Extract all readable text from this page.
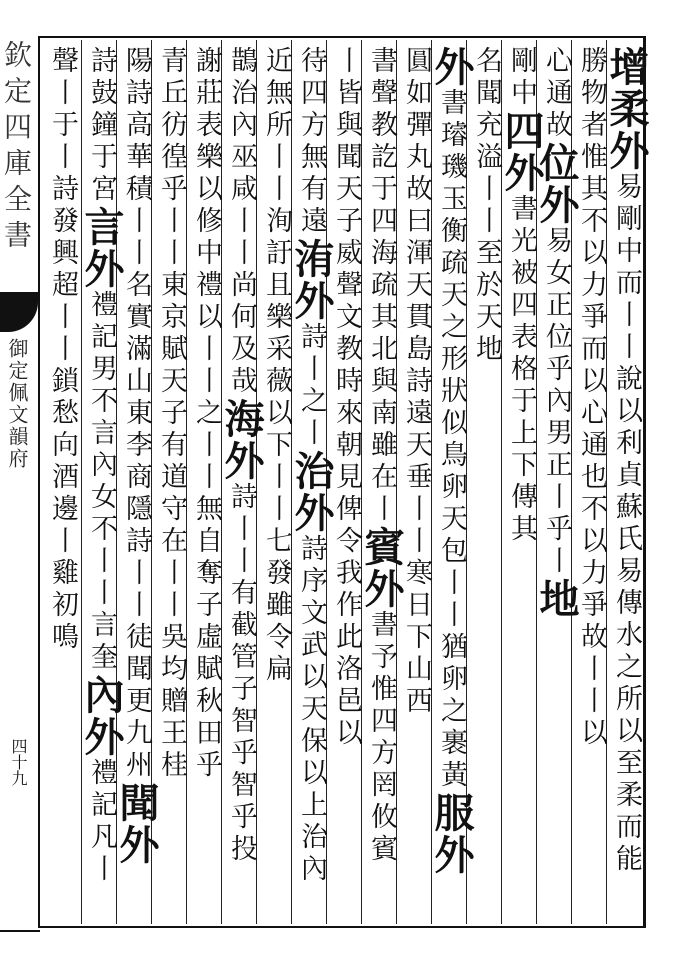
增柔外易剛中而丨丨說以利貞蘇氏易傳水之所以至柔而能
勝物者惟其不以力爭而以心通也不以力爭故丨丨以
心通故位外易女正位乎內男正丨乎丨地
剛中四外書光被四表格于上下傳其
名聞充溢丨丨至於天地
外書璿璣玉衡疏天之形狀似鳥卵天包丨丨猶卵之裹黃服外
圓如彈丸故曰渾天貫島詩遠天垂丨丨寒日下山西
書聲教訖于四海疏其北與南雖在丨賓外書予惟四方罔攸賓
丨皆與聞天子威聲文教時來朝見俾令我作此洛邑以
待四方無有遠洧外詩丨之丨治外詩序文武以天保以上治內
近無所丨丨洵訏且樂采薇以下丨丨七發雖令扁
鵲治內巫咸丨丨尚何及哉海外詩丨丨有截管子智乎智乎投
謝莊表樂以修中禮以丨丨之丨丨無自奪子虛賦秋田乎
青丘彷徨乎丨丨東京賦天子有道守在丨丨吳均贈王桂
陽詩高華積丨丨名實滿山東李商隱詩丨丨徒聞更九州聞外
詩鼓鐘于宮言外禮記男不言內女不丨丨言奎內外禮記凡丨
聲丨于丨詩發興超丨丨鎖愁向酒邊丨雞初鳴
欽定四庫全書
御定佩文韻府
四十九
